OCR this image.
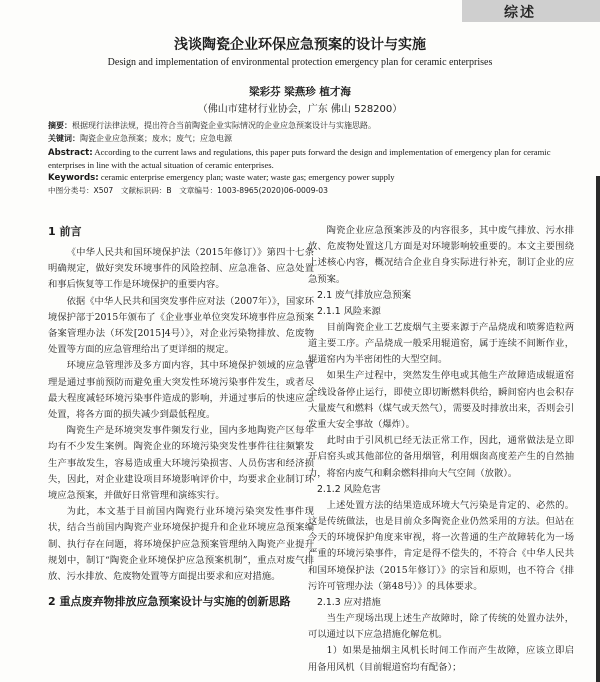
综述
浅谈陶瓷企业环保应急预案的设计与实施
Design and implementation of environmental protection emergency plan for ceramic enterprises
梁彩芬 梁燕珍 植才海
（佛山市建材行业协会，广东 佛山 528200）
摘要：根据现行法律法规，提出符合当前陶瓷企业实际情况的企业应急预案设计与实施思路。
关键词：陶瓷企业应急预案；废水；废气；应急电源
Abstract: According to the current laws and regulations, this paper puts forward the design and implementation of emergency plan for ceramic enterprises in line with the actual situation of ceramic enterprises.
Keywords: ceramic enterprise emergency plan; waste water; waste gas; emergency power supply
中图分类号：X507　文献标识码：B　文章编号：1003-8965(2020)06-0009-03
1 前言

《中华人民共和国环境保护法（2015年修订）》第四十七条明确规定，做好突发环境事件的风险控制、应急准备、应急处置和事后恢复等工作是环境保护的重要内容。

依据《中华人民共和国突发事件应对法（2007年）》，国家环境保护部于2015年颁布了《企业事业单位突发环境事件应急预案备案管理办法（环发[2015]4号）》，对企业污染物排放、危废物处置等方面的应急管理给出了更详细的规定。

环境应急管理涉及多方面内容，其中环境保护领域的应急管理是通过事前预防而避免重大突发性环境污染事件发生，或者尽最大程度减轻环境污染事件造成的影响，并通过事后的快速应急处置，将各方面的损失减少到最低程度。

陶瓷生产是环境突发事件频发行业，国内多地陶瓷产区每年均有不少发生案例。陶瓷企业的环境污染突发性事件往往频繁发生产事故发生，容易造成重大环境污染损害、人员伤害和经济损失，因此，对企业建设项目环境影响评价中，均要求企业制订环境应急预案，并做好日常管理和演练实行。

为此，本文基于目前国内陶瓷行业环境污染突发性事件现状，结合当前国内陶瓷产业环境保护提升和企业环境应急预案编制、执行存在问题，将环境保护应急预案管理纳入陶瓷产业提升规划中，制订“陶瓷企业环境保护应急预案机制”，重点对废气排放、污水排放、危废物处置等方面提出要求和应对措施。

2 重点废弃物排放应急预案设计与实施的创新思路

陶瓷企业应急预案涉及的内容很多，其中废气排放、污水排放、危废物处置这几方面是对环境影响较重要的。本文主要围绕上述核心内容，概况结合企业自身实际进行补充，制订企业的应急预案。

2.1 废气排放应急预案
2.1.1 风险来源

目前陶瓷企业工艺废烟气主要来源于产品烧成和喷雾造粒两道主要工序。产品烧成一般采用辊道窑，属于连续不间断作业，辊道窑内为半密闭性的大型空间。

如果生产过程中，突然发生停电或其他生产故障造成辊道窑全线设备停止运行，即使立即切断燃料供给，瞬间窑内也会积存大量废气和燃料（煤气或天然气），需要及时排放出来，否则会引发重大安全事故（爆炸）。

此时由于引风机已经无法正常工作，因此，通常做法是立即开启窑头或其他部位的备用烟管，利用烟囱高度差产生的自然抽力，将窑内废气和剩余燃料排向大气空间（放散）。

2.1.2 风险危害

上述处置方法的结果造成环境大气污染是肯定的、必然的。这是传统做法，也是目前众多陶瓷企业仍然采用的方法。但站在今天的环境保护角度来审视，将一次普通的生产故障转化为一场严重的环境污染事件，肯定是得不偿失的，不符合《中华人民共和国环境保护法（2015年修订）》的宗旨和原则，也不符合《排污许可管理办法（第48号）》的具体要求。

2.1.3 应对措施

当生产现场出现上述生产故障时，除了传统的处置办法外，可以通过以下应急措施化解危机。

1）如果是抽烟主风机长时间工作而产生故障，应该立即启用备用风机（目前辊道窑均有配备）；
